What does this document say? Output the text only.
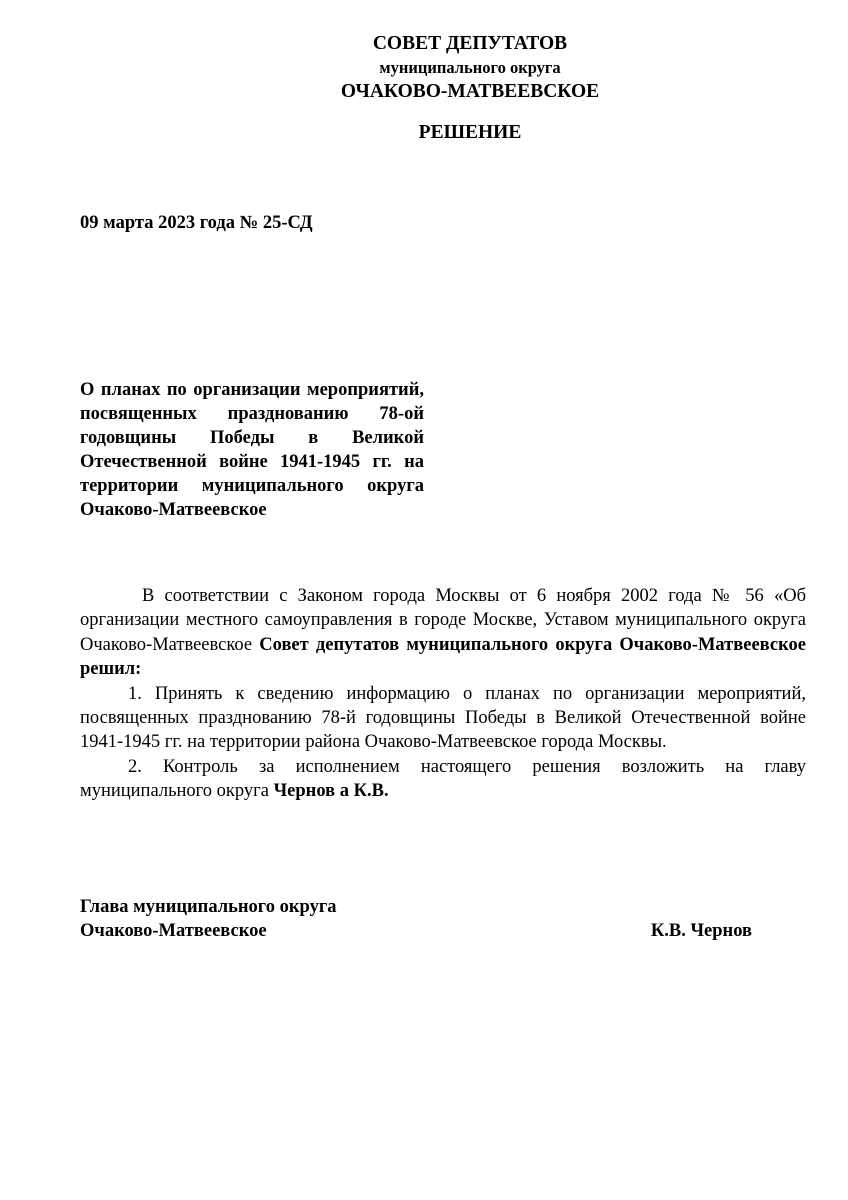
СОВЕТ ДЕПУТАТОВ
муниципального округа
ОЧАКОВО-МАТВЕЕВСКОЕ
РЕШЕНИЕ
09 марта 2023 года № 25-СД
О планах по организации мероприятий, посвященных празднованию 78-ой годовщины Победы в Великой Отечественной войне 1941-1945 гг. на территории муниципального округа Очаково-Матвеевское

В соответствии с Законом города Москвы от 6 ноября 2002 года № 56 «Об организации местного самоуправления в городе Москве, Уставом муниципального округа Очаково-Матвеевское Совет депутатов муниципального округа Очаково-Матвеевское решил:

1. Принять к сведению информацию о планах по организации мероприятий, посвященных празднованию 78-й годовщины Победы в Великой Отечественной войне 1941-1945 гг. на территории района Очаково-Матвеевское города Москвы.

2. Контроль за исполнением настоящего решения возложить на главу муниципального округа Чернов а К.В.

Глава муниципального округа
Очаково-Матвеевское	К.В. Чернов
